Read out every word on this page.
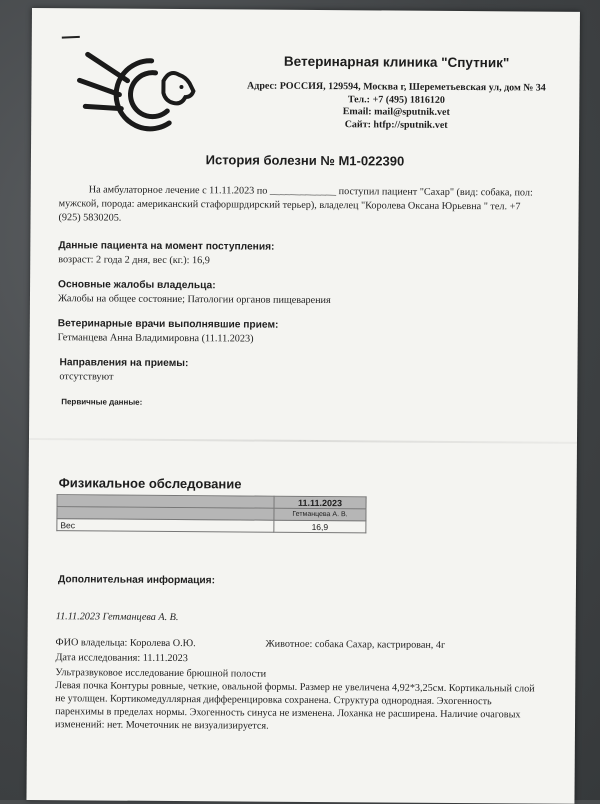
Ветеринарная клиника "Спутник"
Адрес: РОССИЯ, 129594, Москва г, Шереметьевская ул, дом № 34
Тел.: +7 (495) 1816120
Email: mail@sputnik.vet
Сайт: htfp://sputnik.vet
История болезни № М1-022390
На амбулаторное лечение с 11.11.2023 по _____________ поступил пациент "Сахар" (вид: собака, пол:
мужской, порода: американский стафоршрдирский терьер), владелец "Королева Оксана Юрьевна " тел. +7
(925) 5830205.
Данные пациента на момент поступления:
возраст: 2 года 2 дня, вес (кг.): 16,9
Основные жалобы владельца:
Жалобы на общее состояние; Патологии органов пищеварения
Ветеринарные врачи выполнявшие прием:
Гетманцева Анна Владимировна (11.11.2023)
Направления на приемы:
отсутствуют
Первичные данные:
Физикальное обследование
	11.11.2023
	Гетманцева А. В.
Вес	16,9
Дополнительная информация:
11.11.2023 Гетманцева А. В.
ФИО владельца: Королева О.Ю.	Животное: собака Сахар, кастрирован, 4г
Дата исследования: 11.11.2023
Ультразвуковое исследование брюшной полости
Левая почка Контуры ровные, четкие, овальной формы. Размер не увеличена 4,92*3,25см. Кортикальный слой
не утолщен. Кортикомедуллярная дифференцировка сохранена. Структура однородная. Эхогенность
паренхимы в пределах нормы. Эхогенность синуса не изменена. Лоханка не расширена. Наличие очаговых
изменений: нет. Мочеточник не визуализируется.
